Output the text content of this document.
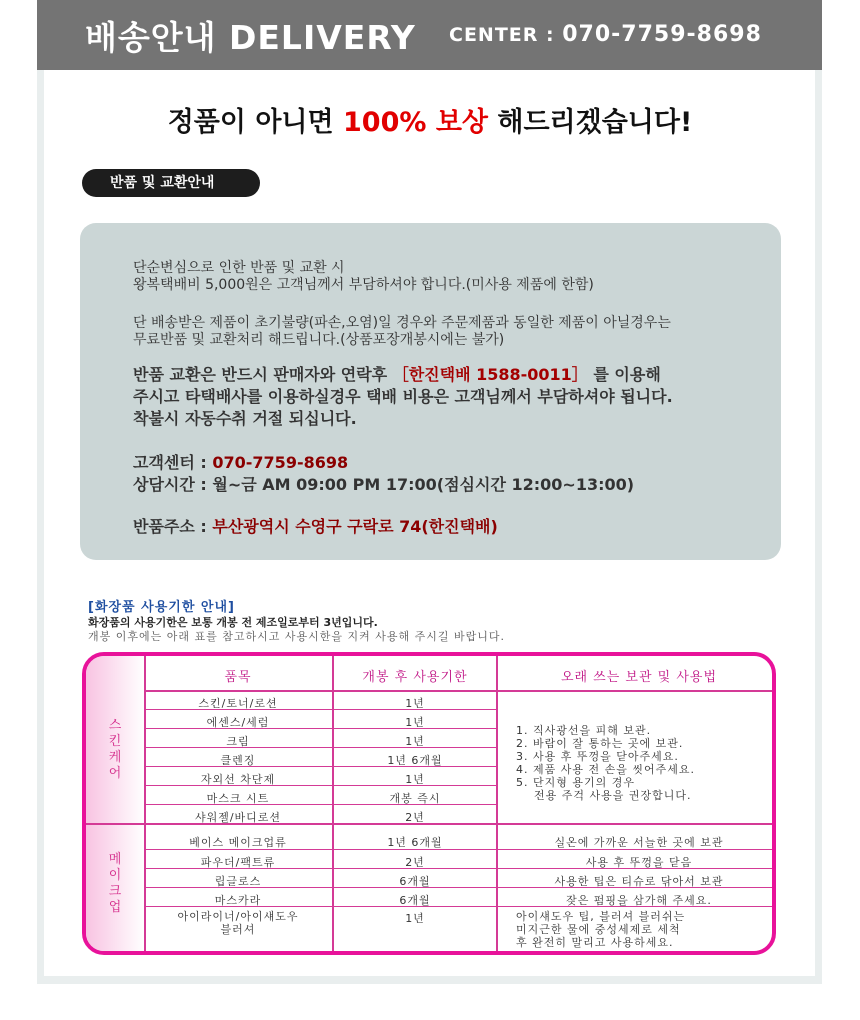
배송안내 DELIVERY CENTER : 070-7759-8698
정품이 아니면 100% 보상 해드리겠습니다!
반품 및 교환안내

단순변심으로 인한 반품 및 교환 시

왕복택배비 5,000원은 고객님께서 부담하셔야 합니다.(미사용 제품에 한함)

단 배송받은 제품이 초기불량(파손,오염)일 경우와 주문제품과 동일한 제품이 아닐경우는

무료반품 및 교환처리 해드립니다.(상품포장개봉시에는 불가)

반품 교환은 반드시 판매자와 연락후 ［한진택배 1588-0011］ 를 이용해

주시고 타택배사를 이용하실경우 택배 비용은 고객님께서 부담하셔야 됩니다.

착불시 자동수취 거절 되십니다.

고객센터 : 070-7759-8698

상담시간 : 월~금 AM 09:00 PM 17:00(점심시간 12:00~13:00)

반품주소 : 부산광역시 수영구 구락로 74(한진택배)

[화장품 사용기한 안내]
화장품의 사용기한은 보통 개봉 전 제조일로부터 3년입니다.
개봉 이후에는 아래 표를 참고하시고 사용시한을 지켜 사용해 주시길 바랍니다.
품목	개봉 후 사용기한	오래 쓰는 보관 및 사용법
스
킨
케
어
메
이
크
업
스킨/토너/로션	1년
에센스/세럼	1년
크림	1년
클렌징	1년 6개월
자외선 차단제	1년
마스크 시트	개봉 즉시
샤워젤/바디로션	2년
1. 직사광선을 피해 보관.
2. 바람이 잘 통하는 곳에 보관.
3. 사용 후 뚜껑을 닫아주세요.
4. 제품 사용 전 손을 씻어주세요.
5. 단지형 용기의 경우
전용 주걱 사용을 권장합니다.
베이스 메이크업류	1년 6개월	실온에 가까운 서늘한 곳에 보관
파우더/팩트류	2년	사용 후 뚜껑을 닫음
립글로스	6개월	사용한 팁은 티슈로 닦아서 보관
마스카라	6개월	잦은 펌핑을 삼가해 주세요.
아이라이너/아이섀도우
블러셔
1년	아이섀도우 팁, 블러셔 블러쉬는
미지근한 물에 중성세제로 세척
후 완전히 말리고 사용하세요.
